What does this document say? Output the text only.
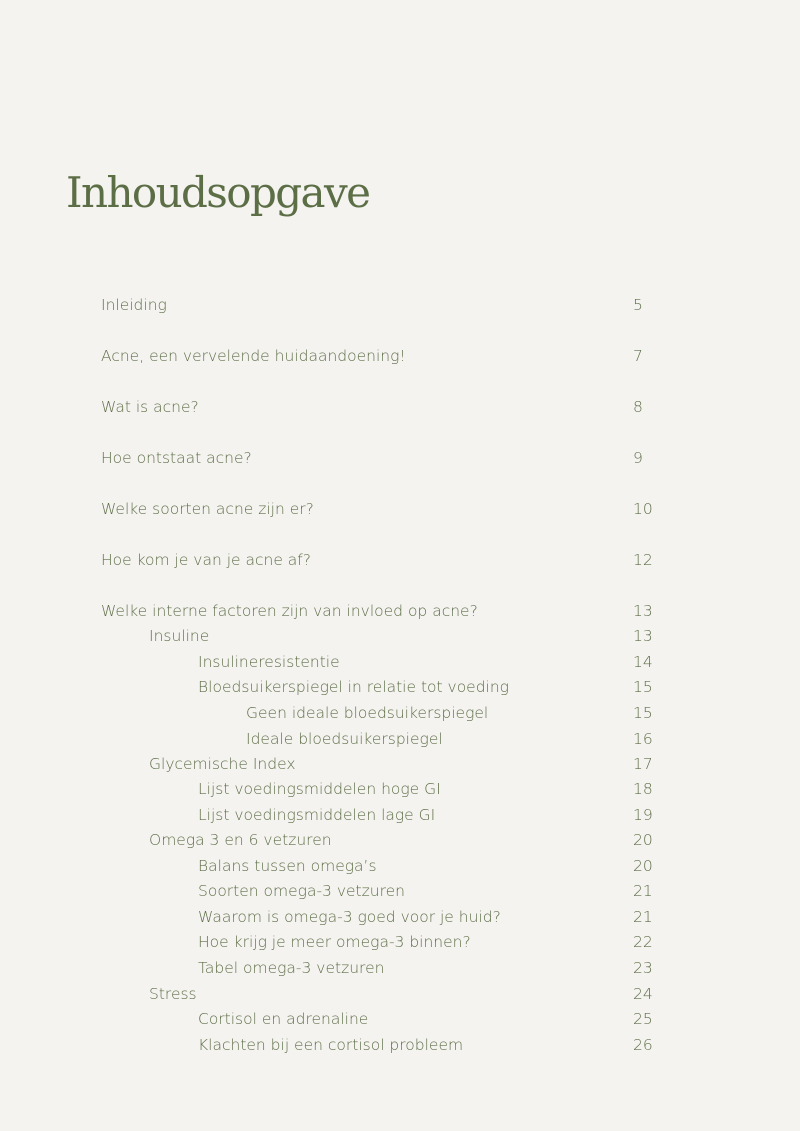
Inhoudsopgave
Inleiding	5
Acne, een vervelende huidaandoening!	7
Wat is acne?	8
Hoe ontstaat acne?	9
Welke soorten acne zijn er?	10
Hoe kom je van je acne af?	12
Welke interne factoren zijn van invloed op acne?	13
Insuline	13
Insulineresistentie	14
Bloedsuikerspiegel in relatie tot voeding	15
Geen ideale bloedsuikerspiegel	15
Ideale bloedsuikerspiegel	16
Glycemische Index	17
Lijst voedingsmiddelen hoge GI	18
Lijst voedingsmiddelen lage GI	19
Omega 3 en 6 vetzuren	20
Balans tussen omega’s	20
Soorten omega-3 vetzuren	21
Waarom is omega-3 goed voor je huid?	21
Hoe krijg je meer omega-3 binnen?	22
Tabel omega-3 vetzuren	23
Stress	24
Cortisol en adrenaline	25
Klachten bij een cortisol probleem	26
